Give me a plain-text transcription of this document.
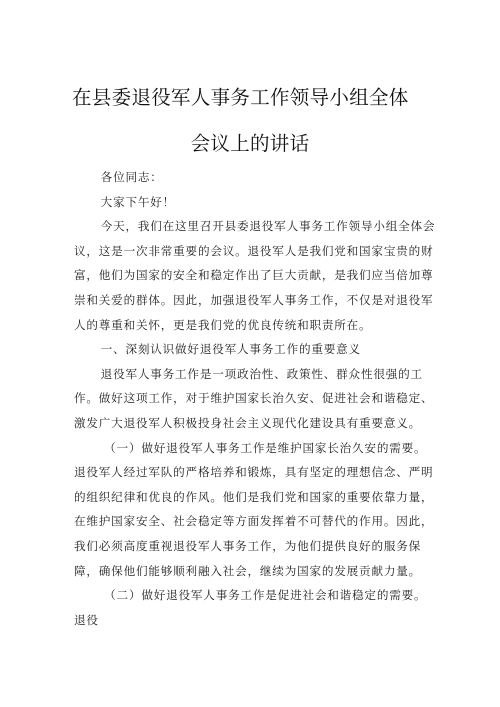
在县委退役军人事务工作领导小组全体
会议上的讲话

各位同志：

大家下午好！

今天，我们在这里召开县委退役军人事务工作领导小组全体会议，这是一次非常重要的会议。退役军人是我们党和国家宝贵的财富，他们为国家的安全和稳定作出了巨大贡献，是我们应当倍加尊崇和关爱的群体。因此，加强退役军人事务工作，不仅是对退役军人的尊重和关怀，更是我们党的优良传统和职责所在。

一、深刻认识做好退役军人事务工作的重要意义

退役军人事务工作是一项政治性、政策性、群众性很强的工作。做好这项工作，对于维护国家长治久安、促进社会和谐稳定、激发广大退役军人积极投身社会主义现代化建设具有重要意义。

（一）做好退役军人事务工作是维护国家长治久安的需要。退役军人经过军队的严格培养和锻炼，具有坚定的理想信念、严明的组织纪律和优良的作风。他们是我们党和国家的重要依靠力量，在维护国家安全、社会稳定等方面发挥着不可替代的作用。因此，我们必须高度重视退役军人事务工作，为他们提供良好的服务保障，确保他们能够顺利融入社会，继续为国家的发展贡献力量。

（二）做好退役军人事务工作是促进社会和谐稳定的需要。退役
